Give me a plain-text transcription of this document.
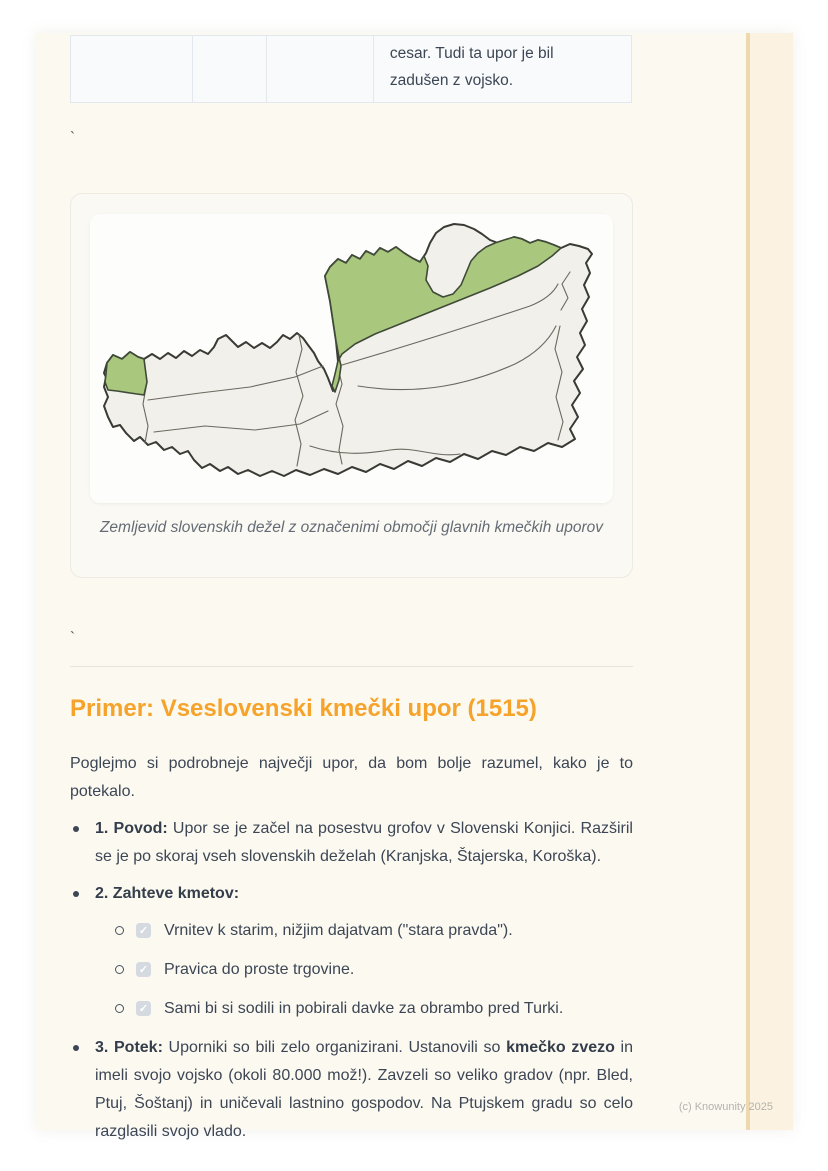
cesar. Tudi ta upor je bil zadušen z vojsko.
`
Zemljevid slovenskih dežel z označenimi območji glavnih kmečkih uporov
`
Primer: Vseslovenski kmečki upor (1515)

Poglejmo si podrobneje največji upor, da bom bolje razumel, kako je to potekalo.

1. Povod: Upor se je začel na posestvu grofov v Slovenski Konjici. Razširil se je po skoraj vseh slovenskih deželah (Kranjska, Štajerska, Koroška).
2. Zahteve kmetov:
✓ Vrnitev k starim, nižjim dajatvam ("stara pravda").
✓ Pravica do proste trgovine.
✓ Sami bi si sodili in pobirali davke za obrambo pred Turki.
3. Potek: Uporniki so bili zelo organizirani. Ustanovili so kmečko zvezo in imeli svojo vojsko (okoli 80.000 mož!). Zavzeli so veliko gradov (npr. Bled, Ptuj, Šoštanj) in uničevali lastnino gospodov. Na Ptujskem gradu so celo razglasili svojo vlado.
(c) Knowunity 2025
